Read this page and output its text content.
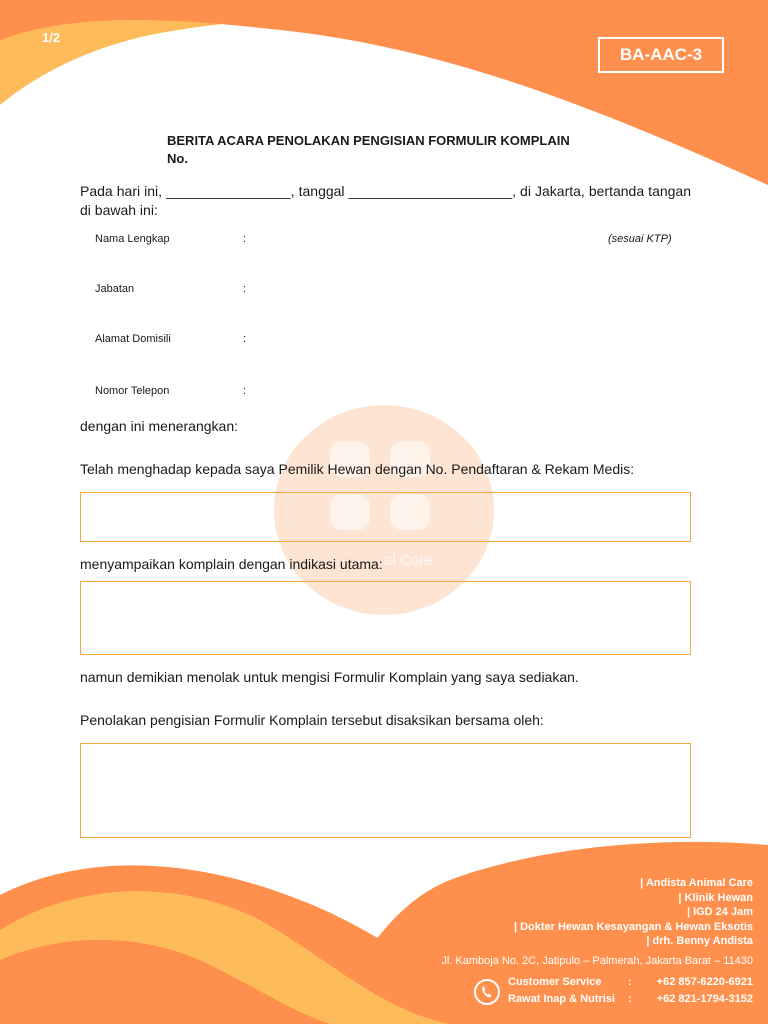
1/2
BA-AAC-3
al Core
BERITA ACARA PENOLAKAN PENGISIAN FORMULIR KOMPLAIN
No.
Pada hari ini, ________________, tanggal _____________________, di Jakarta, bertanda tangan di bawah ini:
Nama Lengkap	:	(sesuai KTP)
Jabatan	:
Alamat Domisili	:
Nomor Telepon	:
dengan ini menerangkan:
Telah menghadap kepada saya Pemilik Hewan dengan No. Pendaftaran & Rekam Medis:
menyampaikan komplain dengan indikasi utama:
namun demikian menolak untuk mengisi Formulir Komplain yang saya sediakan.
Penolakan pengisian Formulir Komplain tersebut disaksikan bersama oleh:
| Andista Animal Care
| Klinik Hewan
| IGD 24 Jam
| Dokter Hewan Kesayangan & Hewan Eksotis
| drh. Benny Andista
Jl. Kamboja No. 2C, Jatipulo – Palmerah, Jakarta Barat – 11430
Customer Service : +62 857-6220-6921
Rawat Inap & Nutrisi : +62 821-1794-3152
